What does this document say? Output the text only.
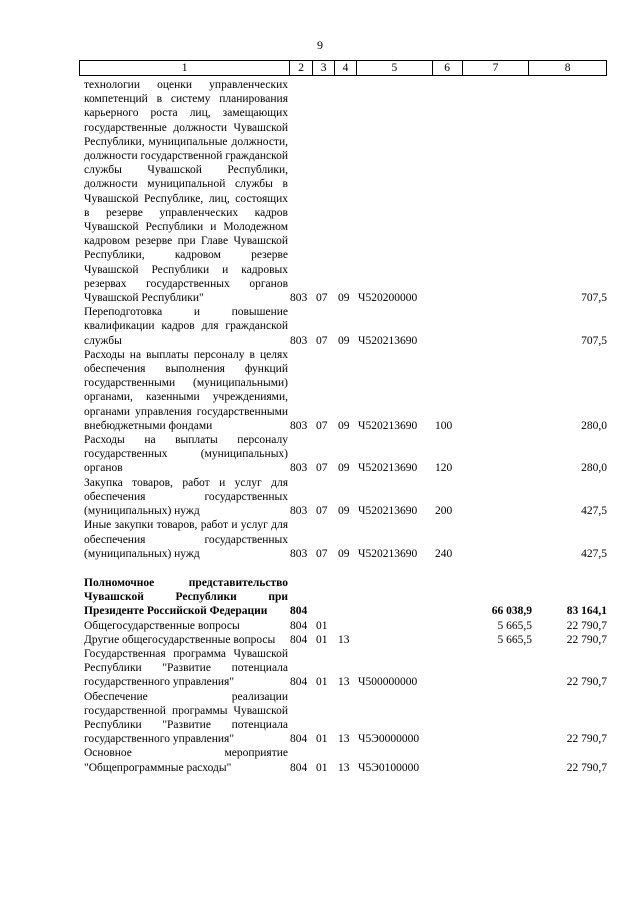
9
1	2	3	4	5	6	7	8
технологии оценки управленческих компетенций в систему планирования карьерного роста лиц, замещающих государственные должности Чувашской Республики, муниципальные должности, должности государственной гражданской службы Чувашской Республики, должности муниципальной службы в Чувашской Республике, лиц, состоящих в резерве управленческих кадров Чувашской Республики и Молодежном кадровом резерве при Главе Чувашской Республики, кадровом резерве Чувашской Республики и кадровых резервах государственных органов Чувашской Республики"	803 07 09 Ч520200000	707,5
Переподготовка и повышение квалификации кадров для гражданской службы	803 07 09 Ч520213690	707,5
Расходы на выплаты персоналу в целях обеспечения выполнения функций государственными (муниципальными) органами, казенными учреждениями, органами управления государственными внебюджетными фондами	803 07 09 Ч520213690	100	280,0
Расходы на выплаты персоналу государственных (муниципальных) органов	803 07 09 Ч520213690	120	280,0
Закупка товаров, работ и услуг для обеспечения государственных (муниципальных) нужд	803 07 09 Ч520213690	200	427,5
Иные закупки товаров, работ и услуг для обеспечения государственных (муниципальных) нужд	803 07 09 Ч520213690	240	427,5
Полномочное представительство Чувашской Республики при Президенте Российской Федерации	804	66 038,9	83 164,1
Общегосударственные вопросы	804 01	5 665,5	22 790,7
Другие общегосударственные вопросы	804 01 13	5 665,5	22 790,7
Государственная программа Чувашской Республики "Развитие потенциала государственного управления"	804 01 13 Ч500000000	22 790,7
Обеспечение реализации государственной программы Чувашской Республики "Развитие потенциала государственного управления"	804 01 13 Ч5Э0000000	22 790,7
Основное мероприятие "Общепрограммные расходы"	804 01 13 Ч5Э0100000	22 790,7
